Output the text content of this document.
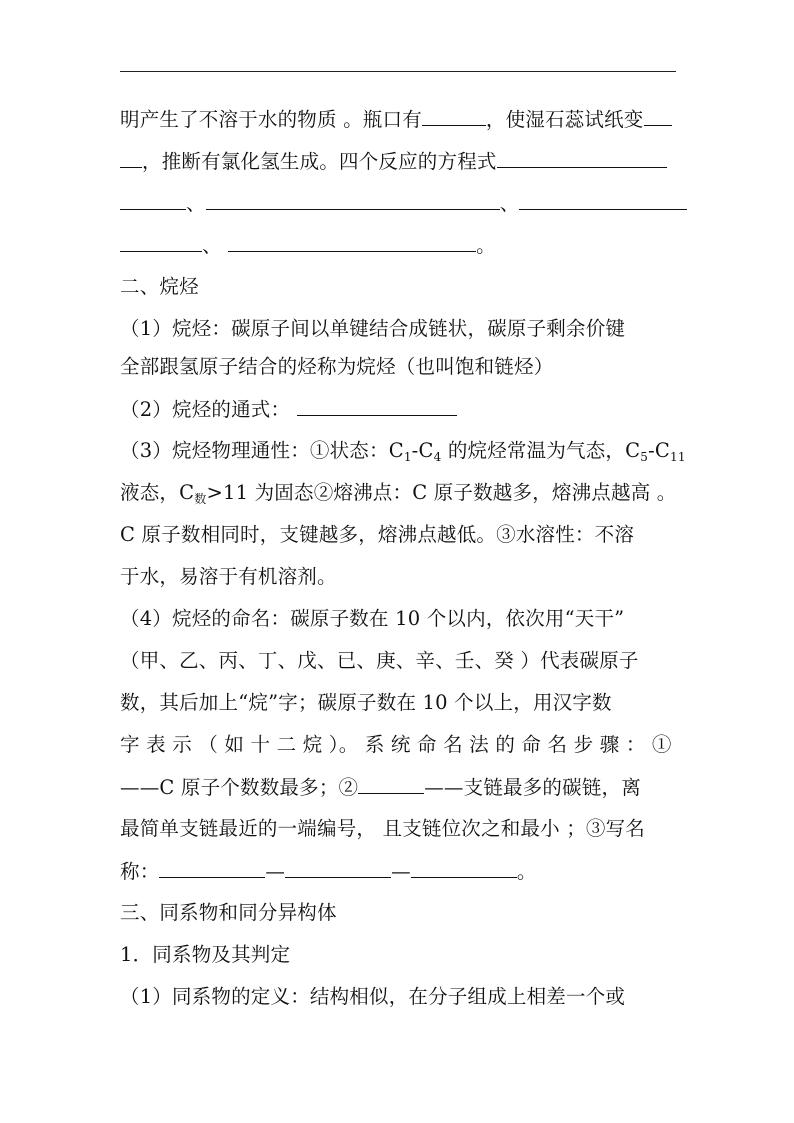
明产生了不溶于水的物质 。瓶口有	，使湿石蕊试纸变
，推断有氯化氢生成。四个反应的方程式
、	、
、	。
二、烷烃
（1）烷烃：碳原子间以单键结合成链状，碳原子剩余价键
全部跟氢原子结合的烃称为烷烃（也叫饱和链烃）
（2）烷烃的通式：
（3）烷烃物理通性：①状态：$C_1-C_4$ 的烷烃常温为气态，$C_5-C_{11}$
液态，$C_数>11$ 为固态②熔沸点：C 原子数越多，熔沸点越高 。
C 原子数相同时，支键越多，熔沸点越低。③水溶性：不溶
于水，易溶于有机溶剂。
（4）烷烃的命名：碳原子数在 10 个以内，依次用“天干”
（甲、乙、丙、丁、戊、已、庚、辛、壬、癸 ）代表碳原子
数，其后加上“烷”字；碳原子数在 10 个以上，用汉字数
字 表 示 （ 如 十 二 烷 ）。 系 统 命 名 法 的 命 名 步 骤 ： ①
——C 原子个数数最多；②	——支链最多的碳链，离
最简单支链最近的一端编号， 且支链位次之和最小 ；③写名
称：	—	—	。
三、同系物和同分异构体
1．同系物及其判定
（1）同系物的定义：结构相似，在分子组成上相差一个或
